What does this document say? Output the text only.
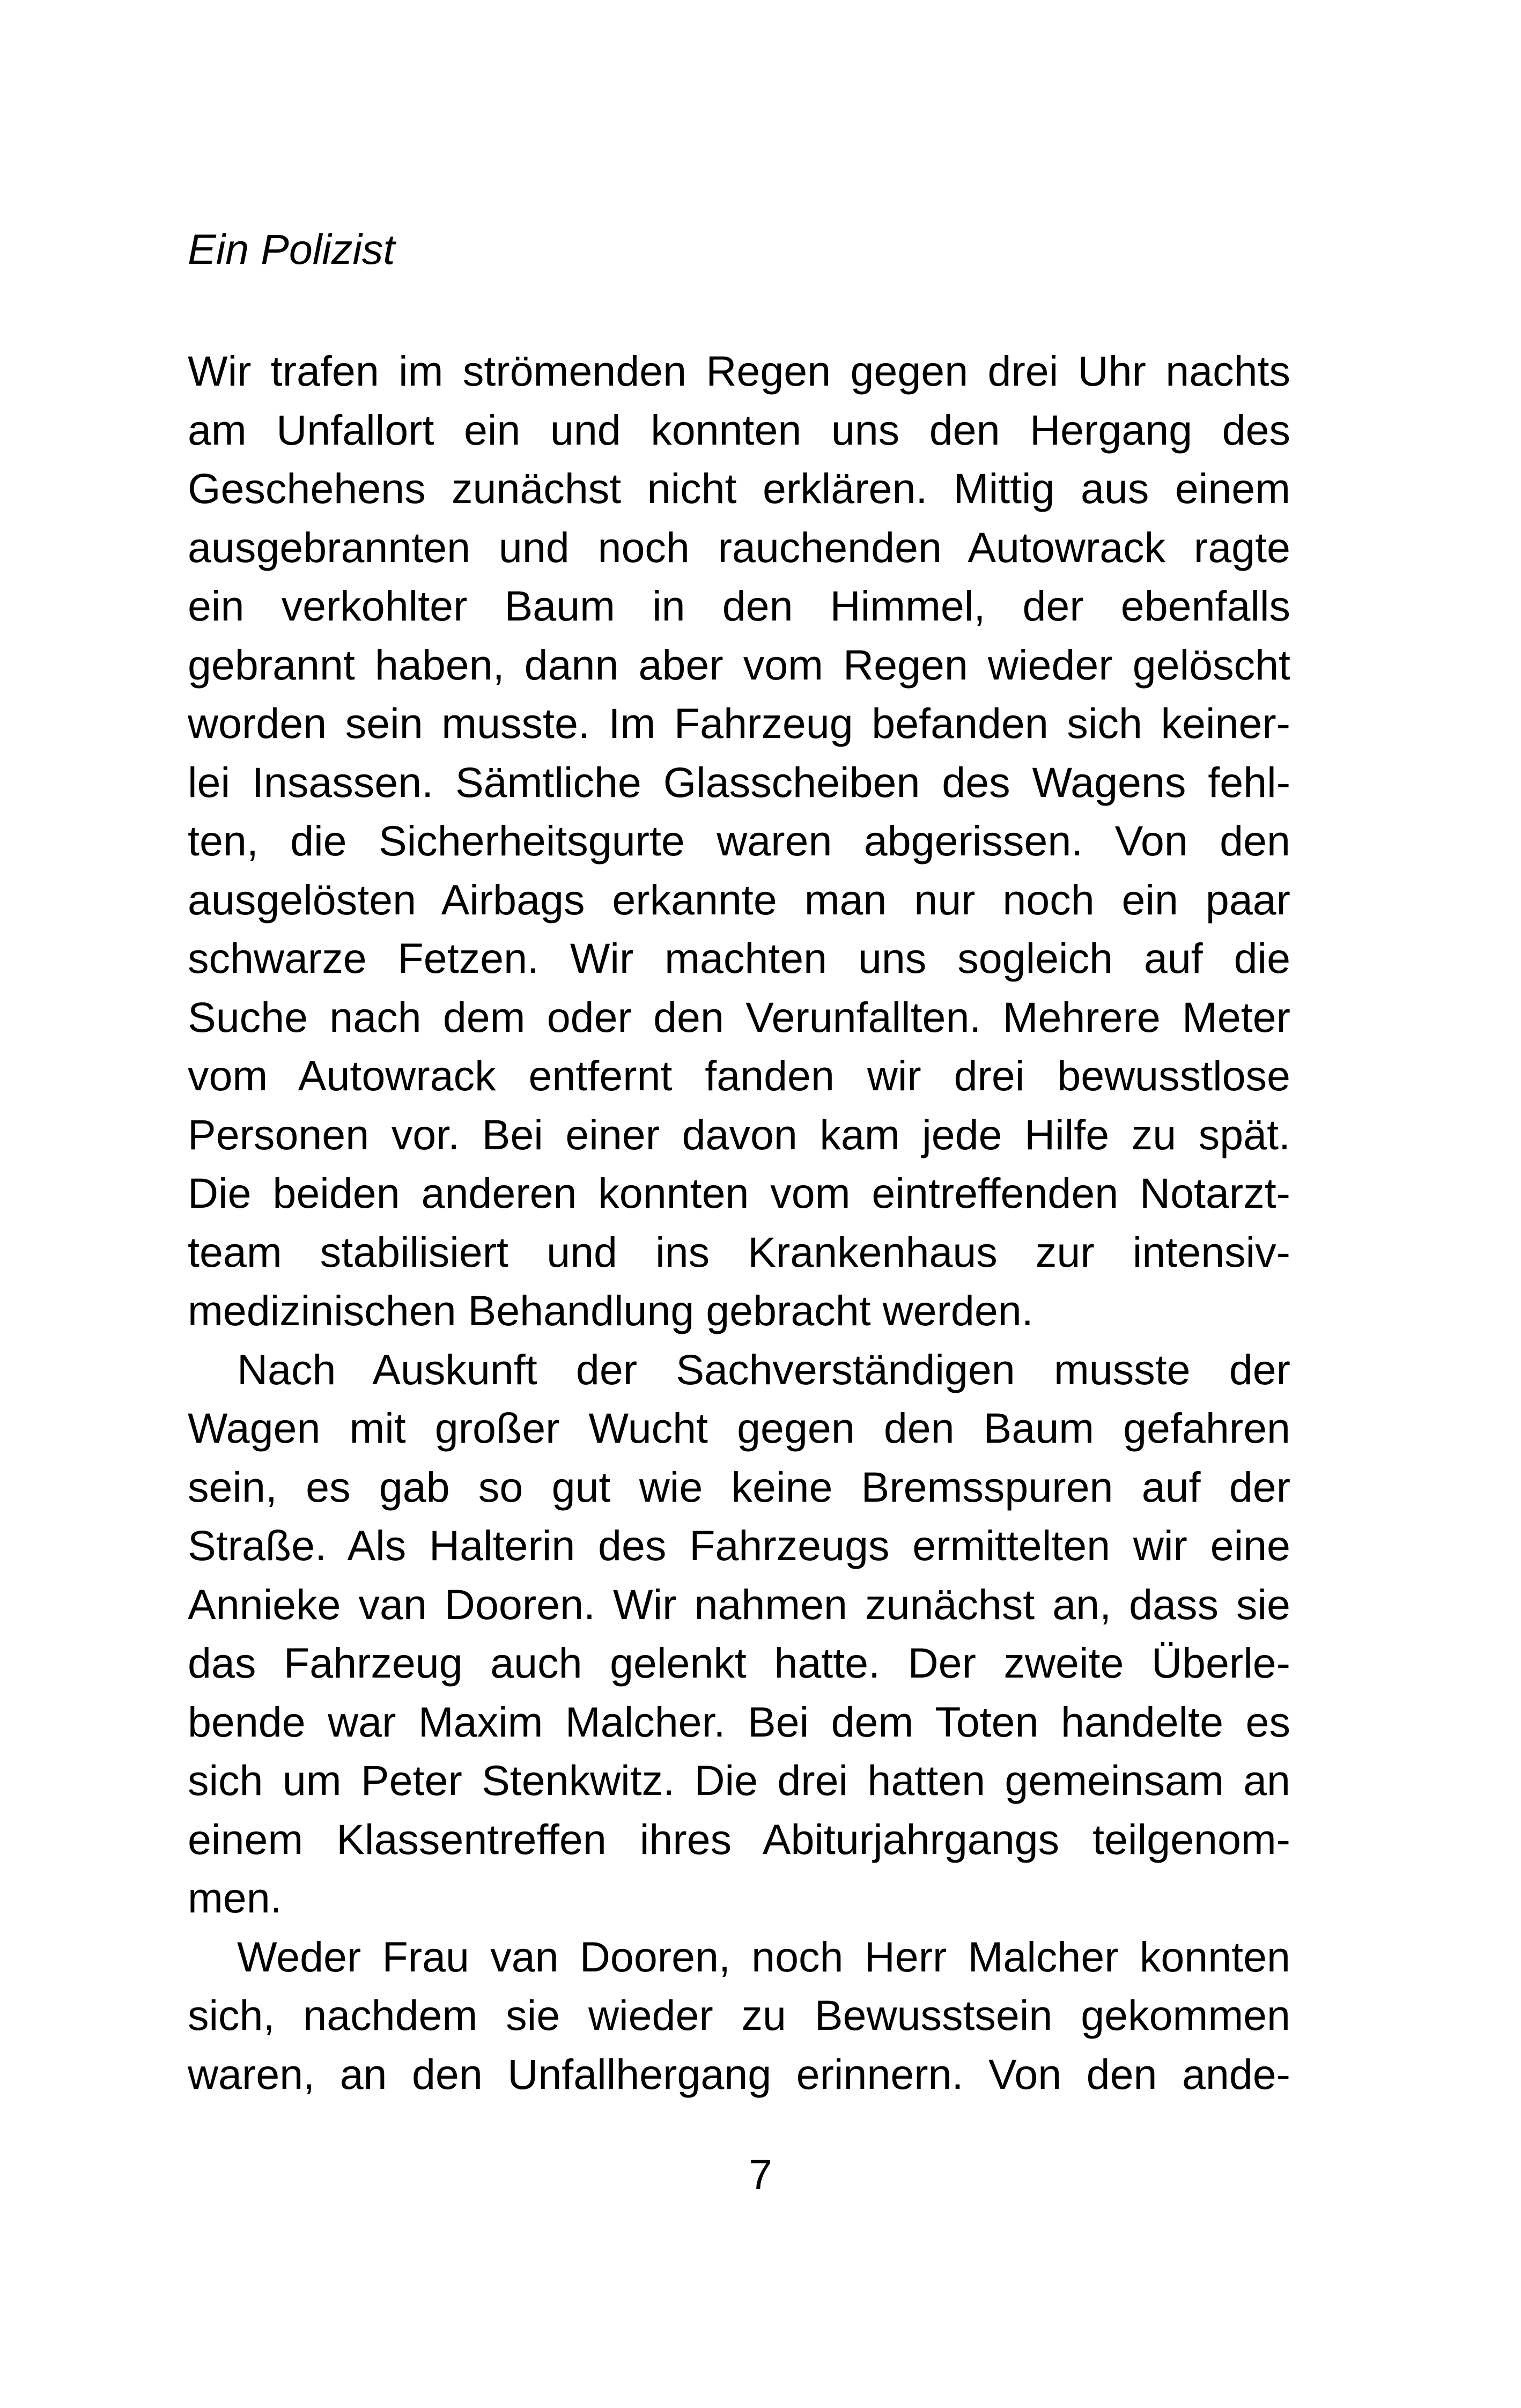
Ein Polizist
Wir trafen im strömenden Regen gegen drei Uhr nachts
am Unfallort ein und konnten uns den Hergang des
Geschehens zunächst nicht erklären. Mittig aus einem
ausgebrannten und noch rauchenden Autowrack ragte
ein verkohlter Baum in den Himmel, der ebenfalls
gebrannt haben, dann aber vom Regen wieder gelöscht
worden sein musste. Im Fahrzeug befanden sich keiner-
lei Insassen. Sämtliche Glasscheiben des Wagens fehl-
ten, die Sicherheitsgurte waren abgerissen. Von den
ausgelösten Airbags erkannte man nur noch ein paar
schwarze Fetzen. Wir machten uns sogleich auf die
Suche nach dem oder den Verunfallten. Mehrere Meter
vom Autowrack entfernt fanden wir drei bewusstlose
Personen vor. Bei einer davon kam jede Hilfe zu spät.
Die beiden anderen konnten vom eintreffenden Notarzt-
team stabilisiert und ins Krankenhaus zur intensiv-
medizinischen Behandlung gebracht werden.
Nach Auskunft der Sachverständigen musste der
Wagen mit großer Wucht gegen den Baum gefahren
sein, es gab so gut wie keine Bremsspuren auf der
Straße. Als Halterin des Fahrzeugs ermittelten wir eine
Annieke van Dooren. Wir nahmen zunächst an, dass sie
das Fahrzeug auch gelenkt hatte. Der zweite Überle-
bende war Maxim Malcher. Bei dem Toten handelte es
sich um Peter Stenkwitz. Die drei hatten gemeinsam an
einem Klassentreffen ihres Abiturjahrgangs teilgenom-
men.
Weder Frau van Dooren, noch Herr Malcher konnten
sich, nachdem sie wieder zu Bewusstsein gekommen
waren, an den Unfallhergang erinnern. Von den ande-
7
